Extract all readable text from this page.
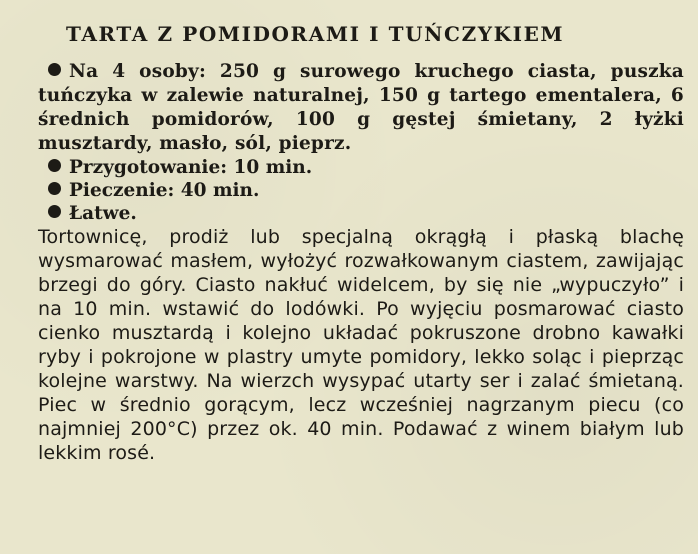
TARTA Z POMIDORAMI I TUŃCZYKIEM

Na 4 osoby: 250 g surowego kruchego ciasta, puszka tuńczyka w zalewie naturalnej, 150 g tartego ementalera, 6 średnich pomidorów, 100 g gęstej śmietany, 2 łyżki musztardy, masło, sól, pieprz.

Przygotowanie: 10 min.

Pieczenie: 40 min.

Łatwe.

Tortownicę, prodiż lub specjalną okrągłą i płaską blachę wysmarować masłem, wyłożyć rozwałkowanym ciastem, zawijając brzegi do góry. Ciasto nakłuć widelcem, by się nie „wypuczyło” i na 10 min. wstawić do lodówki. Po wyjęciu posmarować ciasto cienko musztardą i kolejno układać pokruszone drobno kawałki ryby i pokrojone w plastry umyte pomidory, lekko soląc i pieprząc kolejne warstwy. Na wierzch wysypać utarty ser i zalać śmietaną. Piec w średnio gorącym, lecz wcześniej nagrzanym piecu (co najmniej 200°C) przez ok. 40 min. Podawać z winem białym lub lekkim rosé.
